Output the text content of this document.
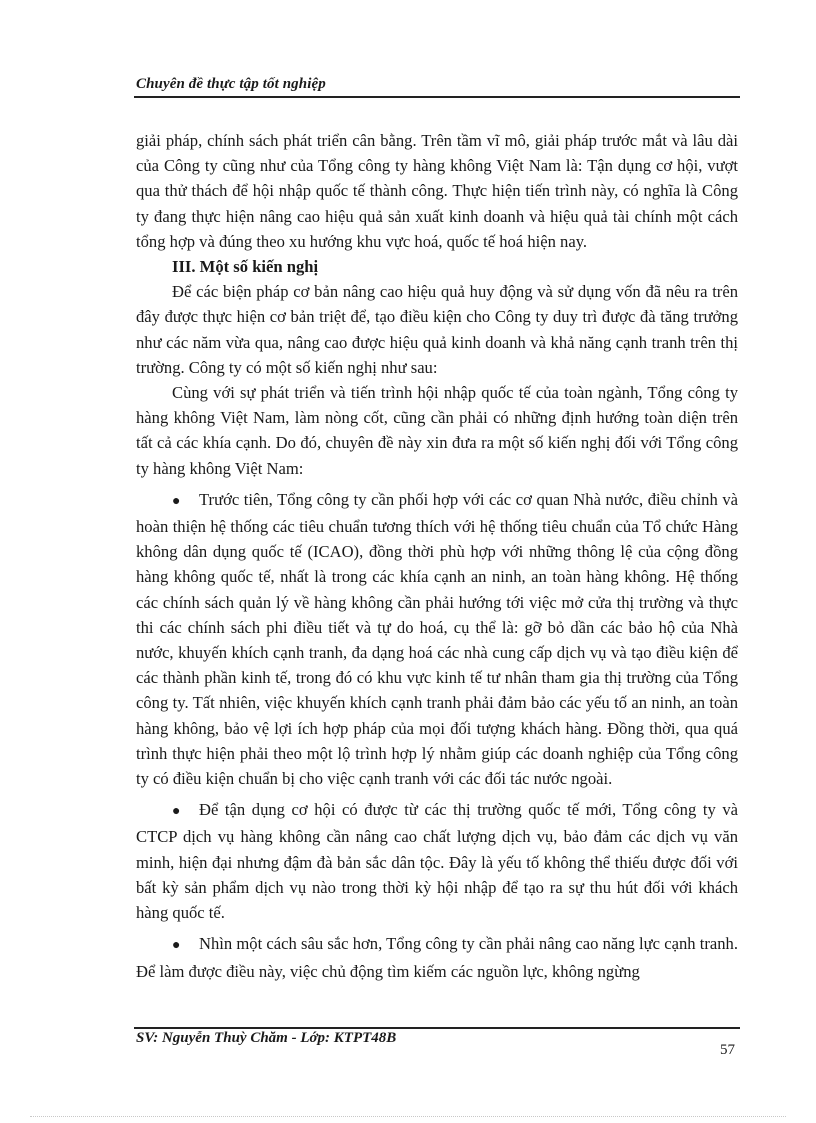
Chuyên đề thực tập tốt nghiệp

giải pháp, chính sách phát triển cân bằng. Trên tầm vĩ mô, giải pháp trước mắt và lâu dài của Công ty cũng như của Tổng công ty hàng không Việt Nam là: Tận dụng cơ hội, vượt qua thử thách để hội nhập quốc tế thành công. Thực hiện tiến trình này, có nghĩa là Công ty đang thực hiện nâng cao hiệu quả sản xuất kinh doanh và hiệu quả tài chính một cách tổng hợp và đúng theo xu hướng khu vực hoá, quốc tế hoá hiện nay.

III. Một số kiến nghị

Để các biện pháp cơ bản nâng cao hiệu quả huy động và sử dụng vốn đã nêu ra trên đây được thực hiện cơ bản triệt để, tạo điều kiện cho Công ty duy trì được đà tăng trưởng như các năm vừa qua, nâng cao được hiệu quả kinh doanh và khả năng cạnh tranh trên thị trường. Công ty có một số kiến nghị như sau:

Cùng với sự phát triển và tiến trình hội nhập quốc tế của toàn ngành, Tổng công ty hàng không Việt Nam, làm nòng cốt, cũng cần phải có những định hướng toàn diện trên tất cả các khía cạnh. Do đó, chuyên đề này xin đưa ra một số kiến nghị đối với Tổng công ty hàng không Việt Nam:

● Trước tiên, Tổng công ty cần phối hợp với các cơ quan Nhà nước, điều chỉnh và hoàn thiện hệ thống các tiêu chuẩn tương thích với hệ thống tiêu chuẩn của Tổ chức Hàng không dân dụng quốc tế (ICAO), đồng thời phù hợp với những thông lệ của cộng đồng hàng không quốc tế, nhất là trong các khía cạnh an ninh, an toàn hàng không. Hệ thống các chính sách quản lý về hàng không cần phải hướng tới việc mở cửa thị trường và thực thi các chính sách phi điều tiết và tự do hoá, cụ thể là: gỡ bỏ dần các bảo hộ của Nhà nước, khuyến khích cạnh tranh, đa dạng hoá các nhà cung cấp dịch vụ và tạo điều kiện để các thành phần kinh tế, trong đó có khu vực kinh tế tư nhân tham gia thị trường của Tổng công ty. Tất nhiên, việc khuyến khích cạnh tranh phải đảm bảo các yếu tố an ninh, an toàn hàng không, bảo vệ lợi ích hợp pháp của mọi đối tượng khách hàng. Đồng thời, qua quá trình thực hiện phải theo một lộ trình hợp lý nhằm giúp các doanh nghiệp của Tổng công ty có điều kiện chuẩn bị cho việc cạnh tranh với các đối tác nước ngoài.

● Để tận dụng cơ hội có được từ các thị trường quốc tế mới, Tổng công ty và CTCP dịch vụ hàng không cần nâng cao chất lượng dịch vụ, bảo đảm các dịch vụ văn minh, hiện đại nhưng đậm đà bản sắc dân tộc. Đây là yếu tố không thể thiếu được đối với bất kỳ sản phẩm dịch vụ nào trong thời kỳ hội nhập để tạo ra sự thu hút đối với khách hàng quốc tế.

● Nhìn một cách sâu sắc hơn, Tổng công ty cần phải nâng cao năng lực cạnh tranh. Để làm được điều này, việc chủ động tìm kiếm các nguồn lực, không ngừng

SV: Nguyễn Thuỳ Chăm - Lớp: KTPT48B
57
